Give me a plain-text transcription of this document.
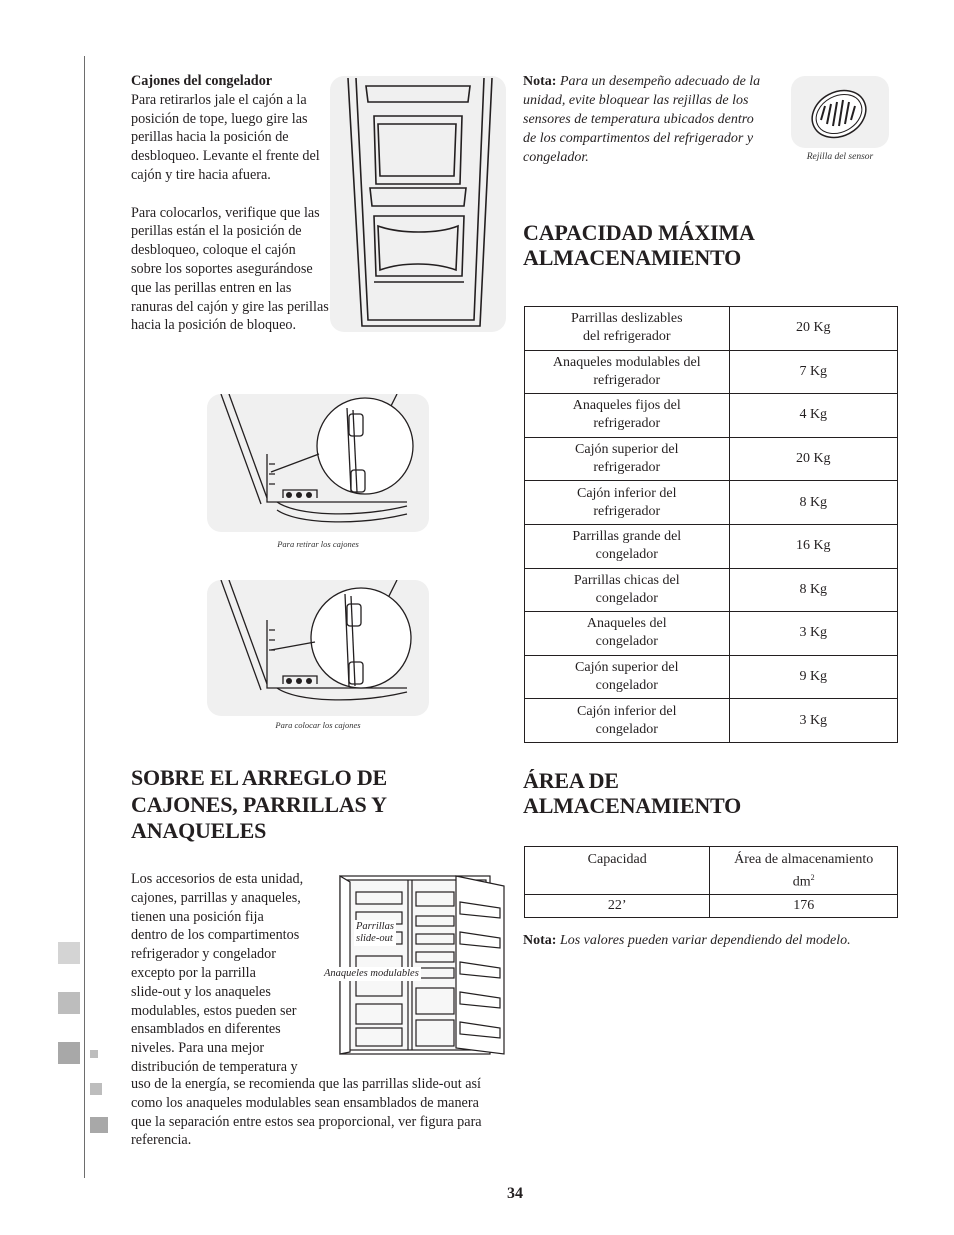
Cajones del congelador
Para retirarlos jale el cajón a la posición de tope, luego gire las perillas hacia la posición de desbloqueo. Levante el frente del cajón y tire hacia afuera.

Para colocarlos, verifique que las perillas están el la posición de desbloqueo, coloque el cajón sobre los soportes asegurándose que las perillas entren en las ranuras del cajón y gire las perillas hacia la posición de bloqueo.

Para retirar los cajones
Para colocar los cajones
Nota: Para un desempeño adecuado de la unidad, evite bloquear las rejillas de los sensores de temperatura ubicados dentro de los compartimentos del refrigerador y congelador.	Rejilla del sensor
CAPACIDAD MÁXIMA
ALMACENAMIENTO
Parrillas deslizables
del refrigerador	20 Kg
Anaqueles modulables del
refrigerador	7 Kg
Anaqueles fijos del
refrigerador	4 Kg
Cajón superior del
refrigerador	20 Kg
Cajón inferior del
refrigerador	8 Kg
Parrillas grande del
congelador	16 Kg
Parrillas chicas del
congelador	8 Kg
Anaqueles del
congelador	3 Kg
Cajón superior del
congelador	9 Kg
Cajón inferior del
congelador	3 Kg
ÁREA DE
ALMACENAMIENTO
Capacidad	Área de almacenamiento
$dm^2$
22’	176
Nota: Los valores pueden variar dependiendo del modelo.
SOBRE EL ARREGLO DE
CAJONES, PARRILLAS Y
ANAQUELES
Los accesorios de esta unidad,
cajones, parrillas y anaqueles,
tienen una posición fija
dentro de los compartimentos
refrigerador y congelador
excepto por la parrilla
slide-out y los anaqueles
modulables, estos pueden ser
ensamblados en diferentes
niveles. Para una mejor
distribución de temperatura y
uso de la energía, se recomienda que las parrillas slide-out así como los anaqueles modulables sean ensamblados de manera que la separación entre estos sea proporcional, ver figura para referencia.
Parrillas
slide-out
Anaqueles modulables
34
